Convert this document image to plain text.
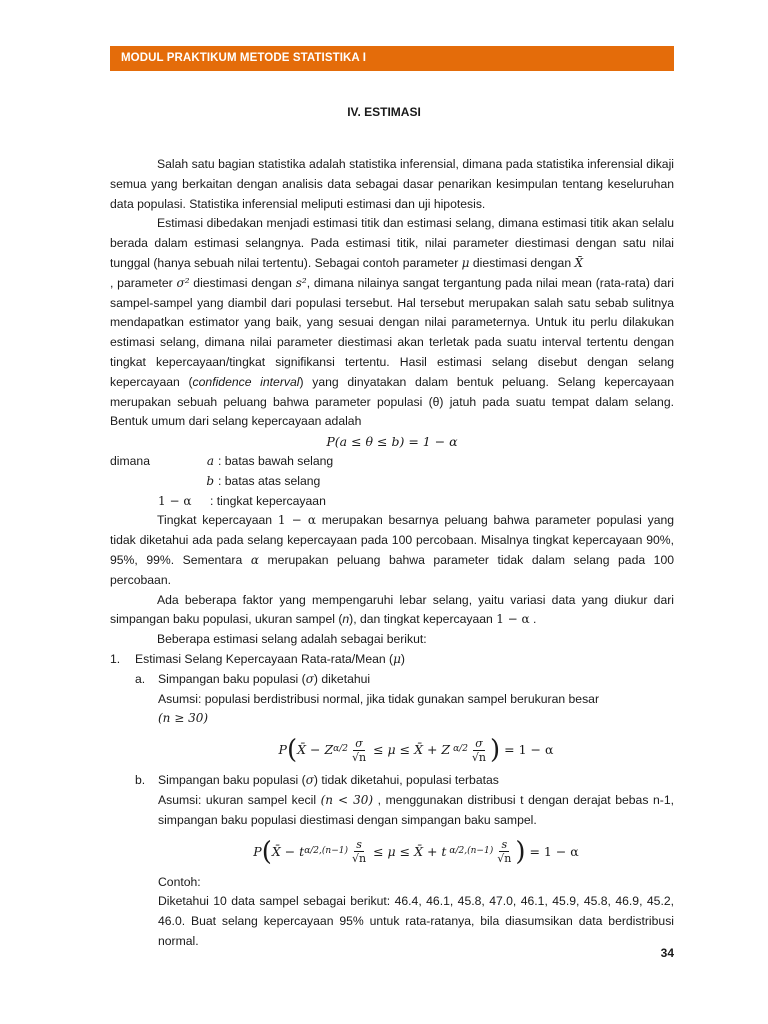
MODUL PRAKTIKUM METODE STATISTIKA I
IV. ESTIMASI

Salah satu bagian statistika adalah statistika inferensial, dimana pada statistika inferensial dikaji semua yang berkaitan dengan analisis data sebagai dasar penarikan kesimpulan tentang keseluruhan data populasi. Statistika inferensial meliputi estimasi dan uji hipotesis.

Estimasi dibedakan menjadi estimasi titik dan estimasi selang, dimana estimasi titik akan selalu berada dalam estimasi selangnya. Pada estimasi titik, nilai parameter diestimasi dengan satu nilai tunggal (hanya sebuah nilai tertentu). Sebagai contoh parameter μ diestimasi dengan X̄
, parameter σ² diestimasi dengan s², dimana nilainya sangat tergantung pada nilai mean (rata-rata) dari sampel-sampel yang diambil dari populasi tersebut. Hal tersebut merupakan salah satu sebab sulitnya mendapatkan estimator yang baik, yang sesuai dengan nilai parameternya. Untuk itu perlu dilakukan estimasi selang, dimana nilai parameter diestimasi akan terletak pada suatu interval tertentu dengan tingkat kepercayaan/tingkat signifikansi tertentu. Hasil estimasi selang disebut dengan selang kepercayaan (confidence interval) yang dinyatakan dalam bentuk peluang. Selang kepercayaan merupakan sebuah peluang bahwa parameter populasi (θ) jatuh pada suatu tempat dalam selang. Bentuk umum dari selang kepercayaan adalah

P(a ≤ θ ≤ b) = 1 − α
dimana	a : batas bawah selang
b : batas atas selang
1 − α	: tingkat kepercayaan

Tingkat kepercayaan 1 − α merupakan besarnya peluang bahwa parameter populasi yang tidak diketahui ada pada selang kepercayaan pada 100 percobaan. Misalnya tingkat kepercayaan 90%, 95%, 99%. Sementara α merupakan peluang bahwa parameter tidak dalam selang pada 100 percobaan.

Ada beberapa faktor yang mempengaruhi lebar selang, yaitu variasi data yang diukur dari simpangan baku populasi, ukuran sampel (n), dan tingkat kepercayaan 1 − α .

Beberapa estimasi selang adalah sebagai berikut:

1.	Estimasi Selang Kepercayaan Rata-rata/Mean (μ)
a.	Simpangan baku populasi (σ) diketahui

Asumsi: populasi berdistribusi normal, jika tidak gunakan sampel berukuran besar
(n ≥ 30)

P ( X̄ − Z $\alpha/2 \frac{\sigma}{√n} \le \mu$ ≤ X̄ + Z $\alpha/2 \frac{\sigma}{√n}$ ) = 1 − α
b.	Simpangan baku populasi (σ) tidak diketahui, populasi terbatas

Asumsi: ukuran sampel kecil (n < 30) , menggunakan distribusi t dengan derajat bebas n-1, simpangan baku populasi diestimasi dengan simpangan baku sampel.

P ( X̄ − t $\alpha/2,(n-1) \frac{s}{√n} \le \mu$ ≤ X̄ + t $\alpha/2,(n-1) \frac{s}{√n}$ ) = 1 − α

Contoh:

Diketahui 10 data sampel sebagai berikut: 46.4, 46.1, 45.8, 47.0, 46.1, 45.9, 45.8, 46.9, 45.2, 46.0. Buat selang kepercayaan 95% untuk rata-ratanya, bila diasumsikan data berdistribusi normal.

34
